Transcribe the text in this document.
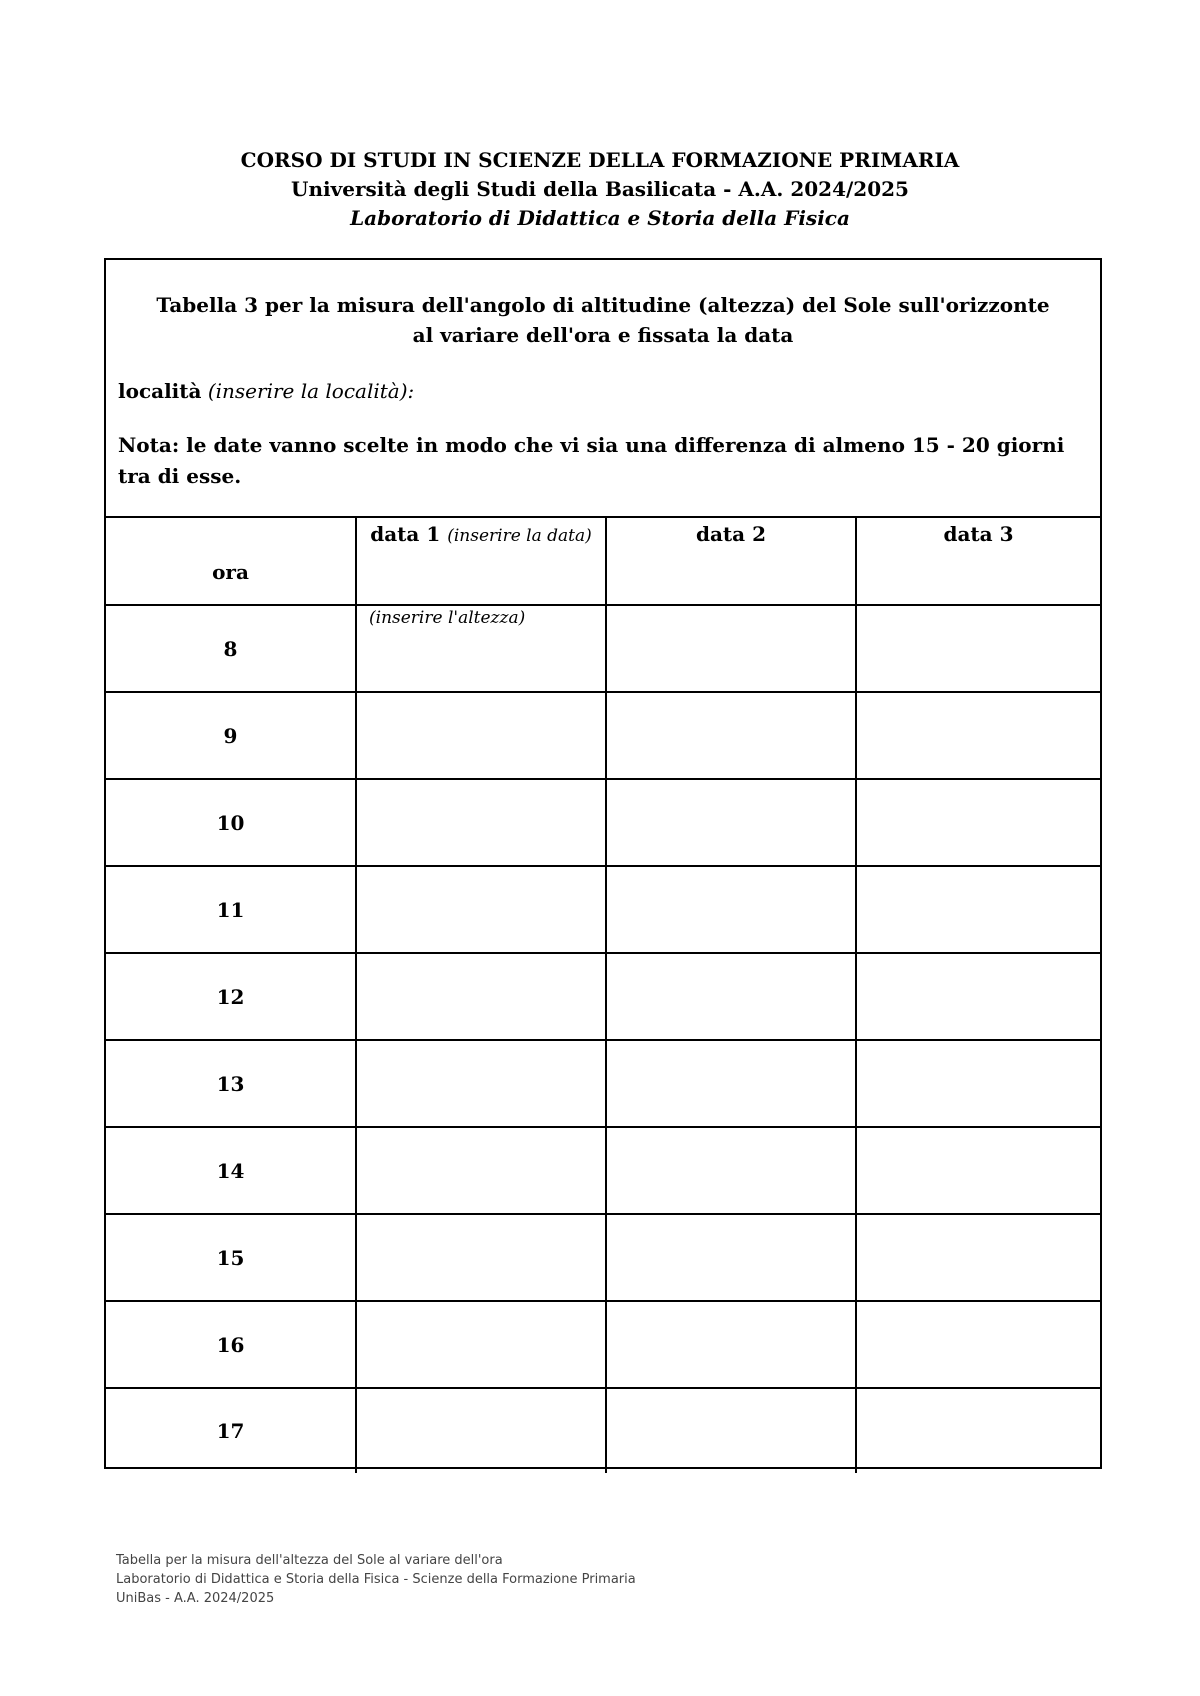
CORSO DI STUDI IN SCIENZE DELLA FORMAZIONE PRIMARIA
Università degli Studi della Basilicata - A.A. 2024/2025
Laboratorio di Didattica e Storia della Fisica
Tabella 3 per la misura dell'angolo di altitudine (altezza) del Sole sull'orizzonte
al variare dell'ora e fissata la data
località (inserire la località):
Nota: le date vanno scelte in modo che vi sia una differenza di almeno 15 - 20 giorni tra di esse.
ora	data 1 (inserire la data)	data 2	data 3
8	(inserire l'altezza)		
9			
10			
11			
12			
13			
14			
15			
16			
17			
Tabella per la misura dell'altezza del Sole al variare dell'ora
Laboratorio di Didattica e Storia della Fisica - Scienze della Formazione Primaria
UniBas - A.A. 2024/2025
